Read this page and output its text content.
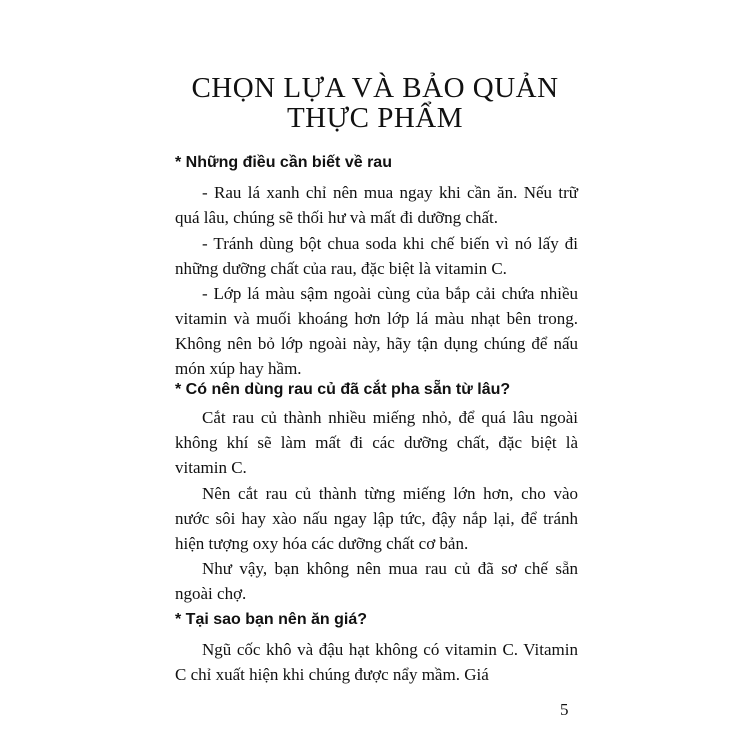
CHỌN LỰA VÀ BẢO QUẢN
THỰC PHẨM

* Những điều cần biết về rau

- Rau lá xanh chỉ nên mua ngay khi cần ăn. Nếu trữ quá lâu, chúng sẽ thối hư và mất đi dưỡng chất.

- Tránh dùng bột chua soda khi chế biến vì nó lấy đi những dưỡng chất của rau, đặc biệt là vitamin C.

- Lớp lá màu sậm ngoài cùng của bắp cải chứa nhiều vitamin và muối khoáng hơn lớp lá màu nhạt bên trong. Không nên bỏ lớp ngoài này, hãy tận dụng chúng để nấu món xúp hay hầm.

* Có nên dùng rau củ đã cắt pha sẵn từ lâu?

Cắt rau củ thành nhiều miếng nhỏ, để quá lâu ngoài không khí sẽ làm mất đi các dưỡng chất, đặc biệt là vitamin C.

Nên cắt rau củ thành từng miếng lớn hơn, cho vào nước sôi hay xào nấu ngay lập tức, đậy nắp lại, để tránh hiện tượng oxy hóa các dưỡng chất cơ bản.

Như vậy, bạn không nên mua rau củ đã sơ chế sẵn ngoài chợ.

* Tại sao bạn nên ăn giá?

Ngũ cốc khô và đậu hạt không có vitamin C. Vitamin C chỉ xuất hiện khi chúng được nẩy mầm. Giá

5
